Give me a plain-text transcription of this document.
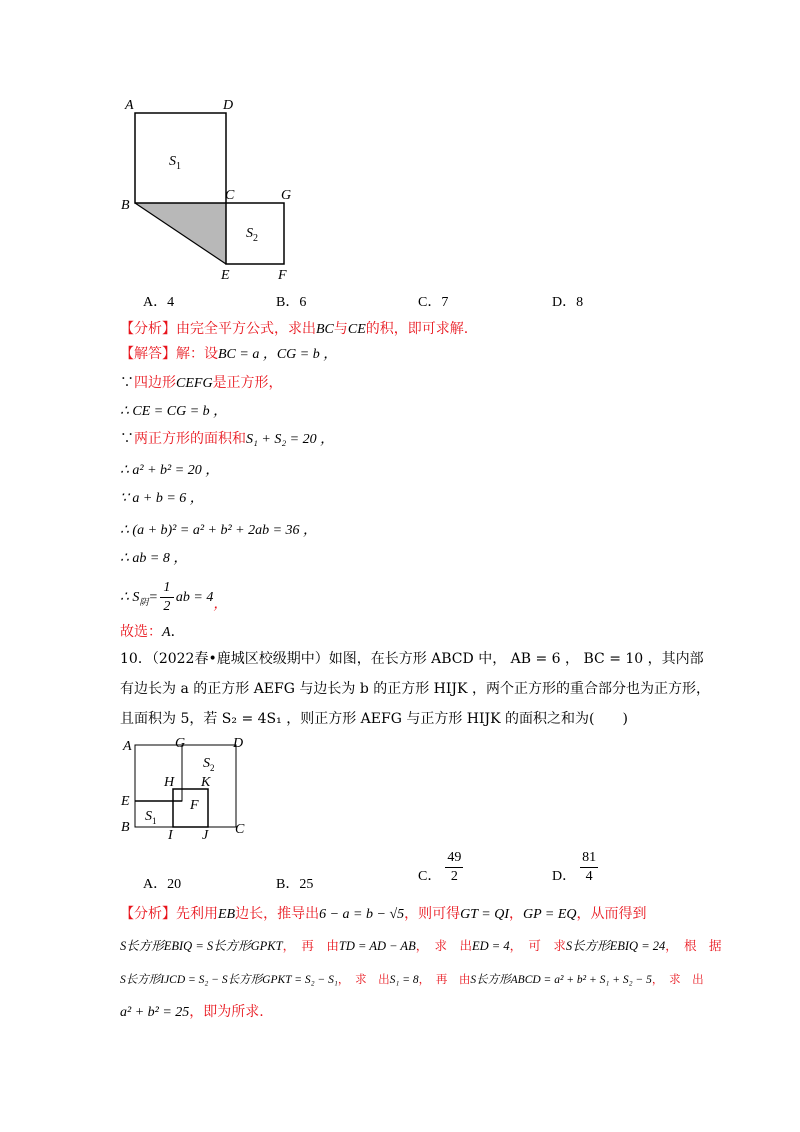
A	D
B
C	G
E	F
$S_1$
$S_2$
A．4	B．6	C．7	D．8
【分析】由完全平方公式，求出BC与CE的积，即可求解.
【解答】解：设BC = a ，CG = b ，
∵四边形CEFG是正方形，
∴ CE = CG = b ，
∵两正方形的面积和S₁ + S₂ = 20 ，
∴ a² + b² = 20 ，
∵ a + b = 6 ，
∴ (a + b)² = a² + b² + 2ab = 36 ，
∴ ab = 8 ，
∴ S 阴 = $\frac{1}{2}$ ab = 4 ，
故选：A．
10．（2022春•鹿城区校级期中）如图，在长方形 ABCD 中， AB = 6 ， BC = 10 ，其内部
有边长为 a 的正方形 AEFG 与边长为 b 的正方形 HIJK ，两个正方形的重合部分也为正方形，
且面积为 5，若 S₂ = 4S₁ ，则正方形 AEFG 与正方形 HIJK 的面积之和为(　　)
A	G	D
$S_2$
H K
E	F
$S_1$
B
I J C
A．20	B．25
C． $\frac{49}{2}$	D． $\frac{81}{4}$
【分析】先利用EB边长，推导出6 − a = b − √5，则可得GT = QI，GP = EQ，从而得到
S长方形EBIQ = S长方形GPKT，　再　由TD = AD − AB，　求　出ED = 4，　可　求S长方形EBIQ = 24，　根　据
S长方形IJCD = S₂ − S长方形GPKT = S₂ − S₁，　求　出S₁ = 8，　再　由S长方形ABCD = a² + b² + S₁ + S₂ − 5，　求　出
a² + b² = 25，即为所求.
